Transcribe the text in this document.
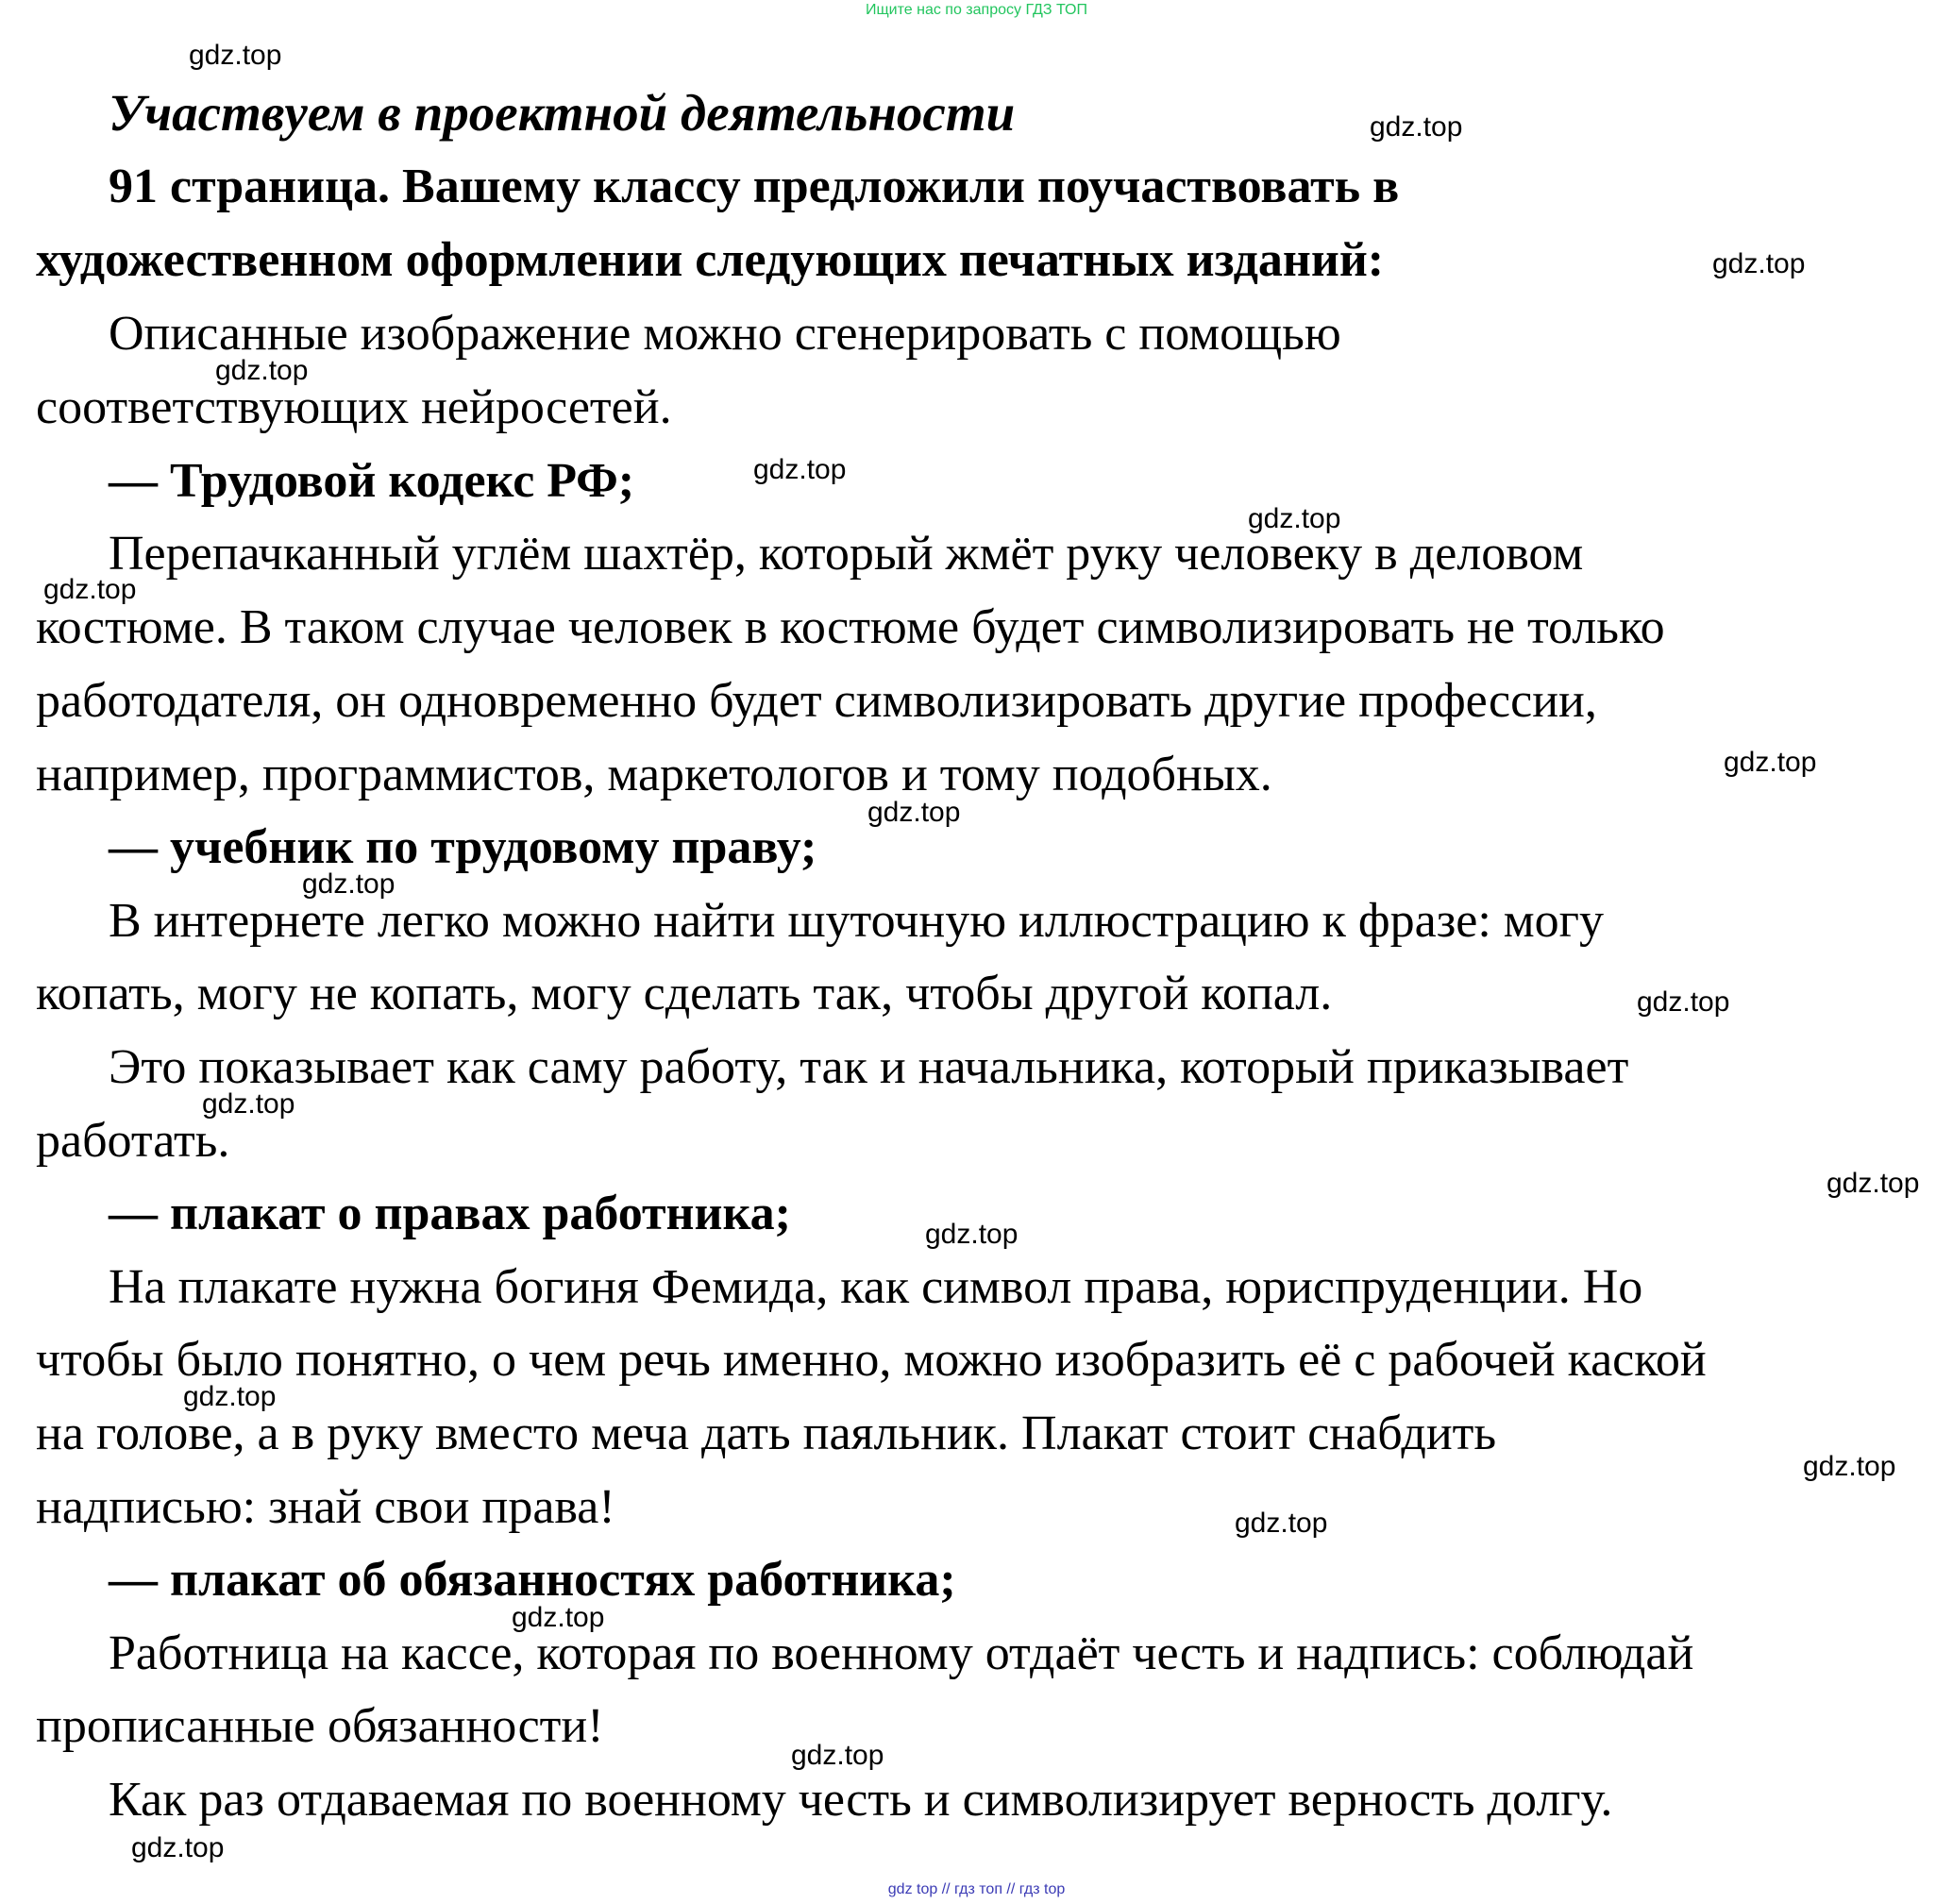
Ищите нас по запросу ГДЗ ТОП
Участвуем в проектной деятельности

91 страница. Вашему классу предложили поучаствовать в

художественном оформлении следующих печатных изданий:

Описанные изображение можно сгенерировать с помощью

соответствующих нейросетей.

— Трудовой кодекс РФ;

Перепачканный углём шахтёр, который жмёт руку человеку в деловом

костюме. В таком случае человек в костюме будет символизировать не только

работодателя, он одновременно будет символизировать другие профессии,

например, программистов, маркетологов и тому подобных.

— учебник по трудовому праву;

В интернете легко можно найти шуточную иллюстрацию к фразе: могу

копать, могу не копать, могу сделать так, чтобы другой копал.

Это показывает как саму работу, так и начальника, который приказывает

работать.

— плакат о правах работника;

На плакате нужна богиня Фемида, как символ права, юриспруденции. Но

чтобы было понятно, о чем речь именно, можно изобразить её с рабочей каской

на голове, а в руку вместо меча дать паяльник. Плакат стоит снабдить

надписью: знай свои права!

— плакат об обязанностях работника;

Работница на кассе, которая по военному отдаёт честь и надпись: соблюдай

прописанные обязанности!

Как раз отдаваемая по военному честь и символизирует верность долгу.

gdz.top
gdz.top
gdz.top
gdz.top
gdz.top
gdz.top
gdz.top
gdz.top
gdz.top
gdz.top
gdz.top
gdz.top
gdz.top
gdz.top
gdz.top
gdz.top
gdz.top
gdz.top
gdz.top
gdz.top
gdz top // гдз топ // гдз top
